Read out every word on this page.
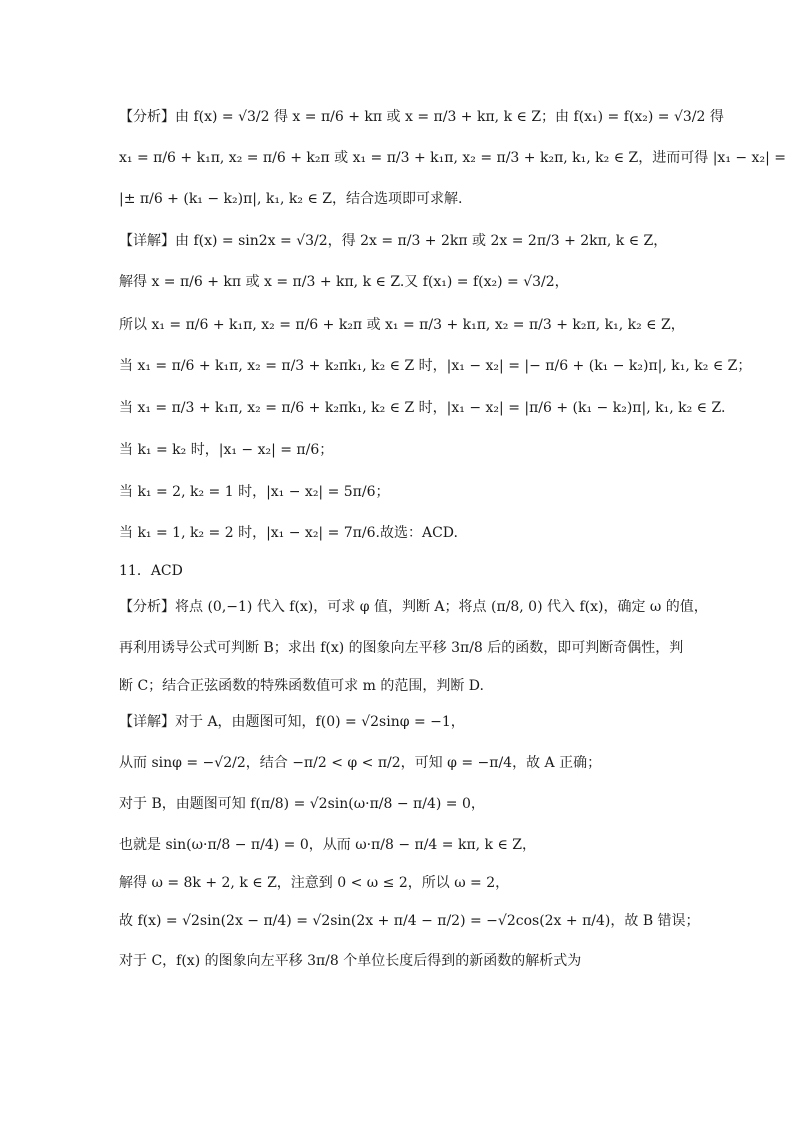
【分析】由 f(x) = √3/2 得 x = π/6 + kπ 或 x = π/3 + kπ, k ∈ Z；由 f(x₁) = f(x₂) = √3/2 得
x₁ = π/6 + k₁π, x₂ = π/6 + k₂π 或 x₁ = π/3 + k₁π, x₂ = π/3 + k₂π, k₁, k₂ ∈ Z，进而可得 |x₁ − x₂| =
|± π/6 + (k₁ − k₂)π|, k₁, k₂ ∈ Z，结合选项即可求解.
【详解】由 f(x) = sin2x = √3/2，得 2x = π/3 + 2kπ 或 2x = 2π/3 + 2kπ, k ∈ Z，
解得 x = π/6 + kπ 或 x = π/3 + kπ, k ∈ Z.又 f(x₁) = f(x₂) = √3/2，
所以 x₁ = π/6 + k₁π, x₂ = π/6 + k₂π 或 x₁ = π/3 + k₁π, x₂ = π/3 + k₂π, k₁, k₂ ∈ Z，
当 x₁ = π/6 + k₁π, x₂ = π/3 + k₂πk₁, k₂ ∈ Z 时，|x₁ − x₂| = |− π/6 + (k₁ − k₂)π|, k₁, k₂ ∈ Z；
当 x₁ = π/3 + k₁π, x₂ = π/6 + k₂πk₁, k₂ ∈ Z 时，|x₁ − x₂| = |π/6 + (k₁ − k₂)π|, k₁, k₂ ∈ Z.
当 k₁ = k₂ 时，|x₁ − x₂| = π/6；
当 k₁ = 2, k₂ = 1 时，|x₁ − x₂| = 5π/6；
当 k₁ = 1, k₂ = 2 时，|x₁ − x₂| = 7π/6.故选：ACD.
11．ACD
【分析】将点 (0,−1) 代入 f(x)，可求 φ 值，判断 A；将点 (π/8, 0) 代入 f(x)，确定 ω 的值，
再利用诱导公式可判断 B；求出 f(x) 的图象向左平移 3π/8 后的函数，即可判断奇偶性，判
断 C；结合正弦函数的特殊函数值可求 m 的范围，判断 D.
【详解】对于 A，由题图可知，f(0) = √2sinφ = −1，
从而 sinφ = −√2/2，结合 −π/2 < φ < π/2，可知 φ = −π/4，故 A 正确；
对于 B，由题图可知 f(π/8) = √2sin(ω·π/8 − π/4) = 0，
也就是 sin(ω·π/8 − π/4) = 0，从而 ω·π/8 − π/4 = kπ, k ∈ Z，
解得 ω = 8k + 2, k ∈ Z，注意到 0 < ω ≤ 2，所以 ω = 2，
故 f(x) = √2sin(2x − π/4) = √2sin(2x + π/4 − π/2) = −√2cos(2x + π/4)，故 B 错误；
对于 C，f(x) 的图象向左平移 3π/8 个单位长度后得到的新函数的解析式为
